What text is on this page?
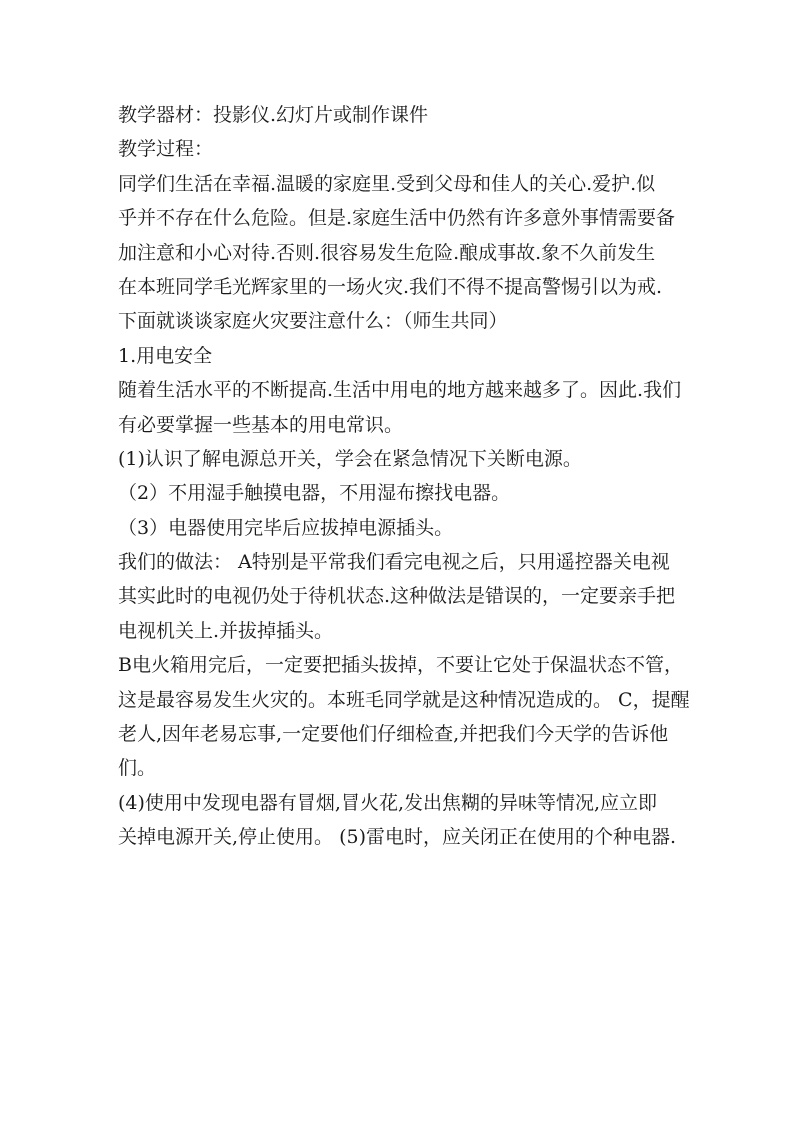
教学器材：投影仪.幻灯片或制作课件

教学过程：

同学们生活在幸福.温暖的家庭里.受到父母和佳人的关心.爱护.似

乎并不存在什么危险。但是.家庭生活中仍然有许多意外事情需要备

加注意和小心对待.否则.很容易发生危险.酿成事故.象不久前发生

在本班同学毛光辉家里的一场火灾.我们不得不提高警惕引以为戒.

下面就谈谈家庭火灾要注意什么：（师生共同）

1.用电安全

随着生活水平的不断提高.生活中用电的地方越来越多了。因此.我们

有必要掌握一些基本的用电常识。

(1)认识了解电源总开关，学会在紧急情况下关断电源。

（2）不用湿手触摸电器，不用湿布擦找电器。

（3）电器使用完毕后应拔掉电源插头。

我们的做法： A特别是平常我们看完电视之后，只用遥控器关电视

其实此时的电视仍处于待机状态.这种做法是错误的，一定要亲手把

电视机关上.并拔掉插头。

B电火箱用完后，一定要把插头拔掉，不要让它处于保温状态不管，

这是最容易发生火灾的。本班毛同学就是这种情况造成的。 C，提醒

老人,因年老易忘事,一定要他们仔细检查,并把我们今天学的告诉他

们。

(4)使用中发现电器有冒烟,冒火花,发出焦糊的异味等情况,应立即

关掉电源开关,停止使用。 (5)雷电时，应关闭正在使用的个种电器.
